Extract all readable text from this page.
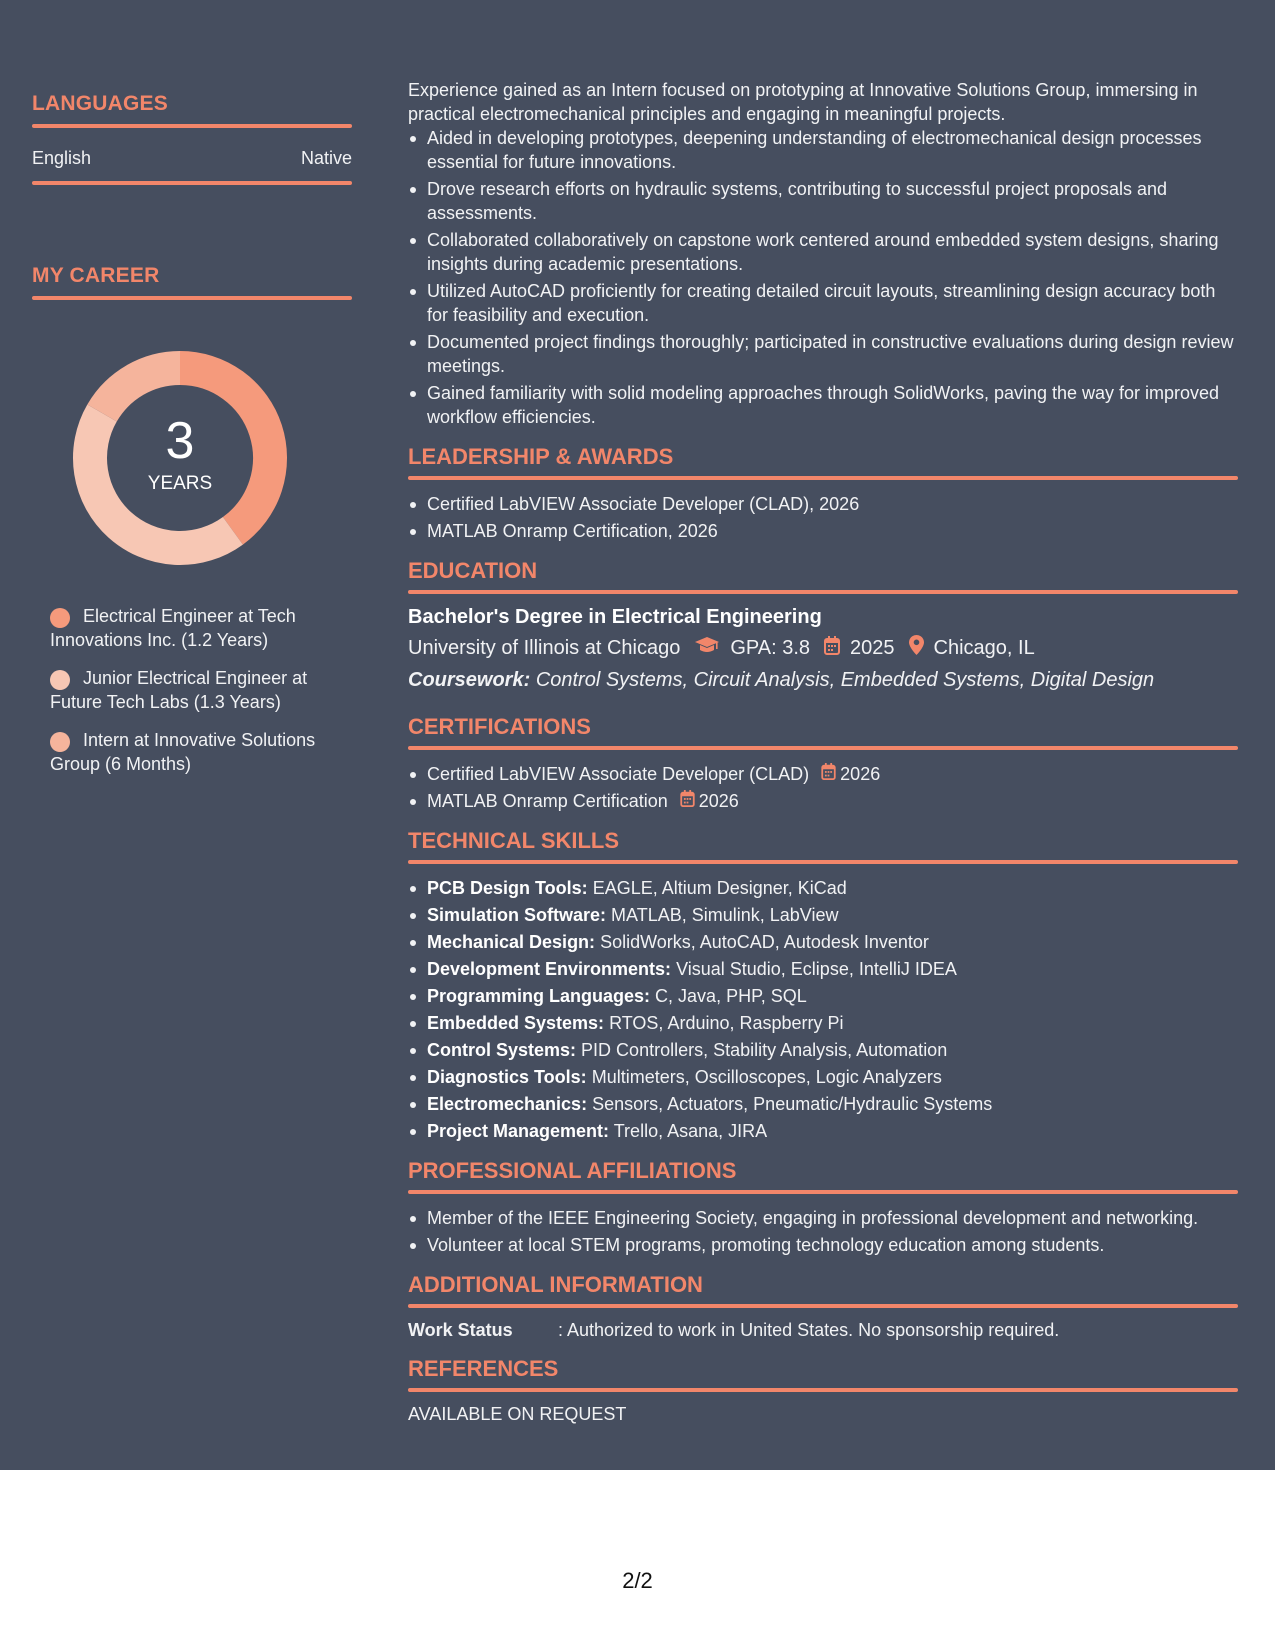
2/2
LANGUAGES
English	Native
MY CAREER
3
YEARS
Electrical Engineer at Tech Innovations Inc. (1.2 Years)
Junior Electrical Engineer at Future Tech Labs (1.3 Years)
Intern at Innovative Solutions Group (6 Months)
Experience gained as an Intern focused on prototyping at Innovative Solutions Group, immersing in practical electromechanical principles and engaging in meaningful projects.
Aided in developing prototypes, deepening understanding of electromechanical design processes essential for future innovations.
Drove research efforts on hydraulic systems, contributing to successful project proposals and assessments.
Collaborated collaboratively on capstone work centered around embedded system designs, sharing insights during academic presentations.
Utilized AutoCAD proficiently for creating detailed circuit layouts, streamlining design accuracy both for feasibility and execution.
Documented project findings thoroughly; participated in constructive evaluations during design review meetings.
Gained familiarity with solid modeling approaches through SolidWorks, paving the way for improved workflow efficiencies.
LEADERSHIP & AWARDS
Certified LabVIEW Associate Developer (CLAD), 2026
MATLAB Onramp Certification, 2026
EDUCATION
Bachelor's Degree in Electrical Engineering
University of Illinois at Chicago	GPA: 3.8 2025 Chicago, IL
Coursework: Control Systems, Circuit Analysis, Embedded Systems, Digital Design
CERTIFICATIONS
Certified LabVIEW Associate Developer (CLAD) 2026
MATLAB Onramp Certification 2026
TECHNICAL SKILLS
PCB Design Tools: EAGLE, Altium Designer, KiCad
Simulation Software: MATLAB, Simulink, LabView
Mechanical Design: SolidWorks, AutoCAD, Autodesk Inventor
Development Environments: Visual Studio, Eclipse, IntelliJ IDEA
Programming Languages: C, Java, PHP, SQL
Embedded Systems: RTOS, Arduino, Raspberry Pi
Control Systems: PID Controllers, Stability Analysis, Automation
Diagnostics Tools: Multimeters, Oscilloscopes, Logic Analyzers
Electromechanics: Sensors, Actuators, Pneumatic/Hydraulic Systems
Project Management: Trello, Asana, JIRA
PROFESSIONAL AFFILIATIONS
Member of the IEEE Engineering Society, engaging in professional development and networking.
Volunteer at local STEM programs, promoting technology education among students.
ADDITIONAL INFORMATION
Work Status	: Authorized to work in United States. No sponsorship required.
REFERENCES
AVAILABLE ON REQUEST
